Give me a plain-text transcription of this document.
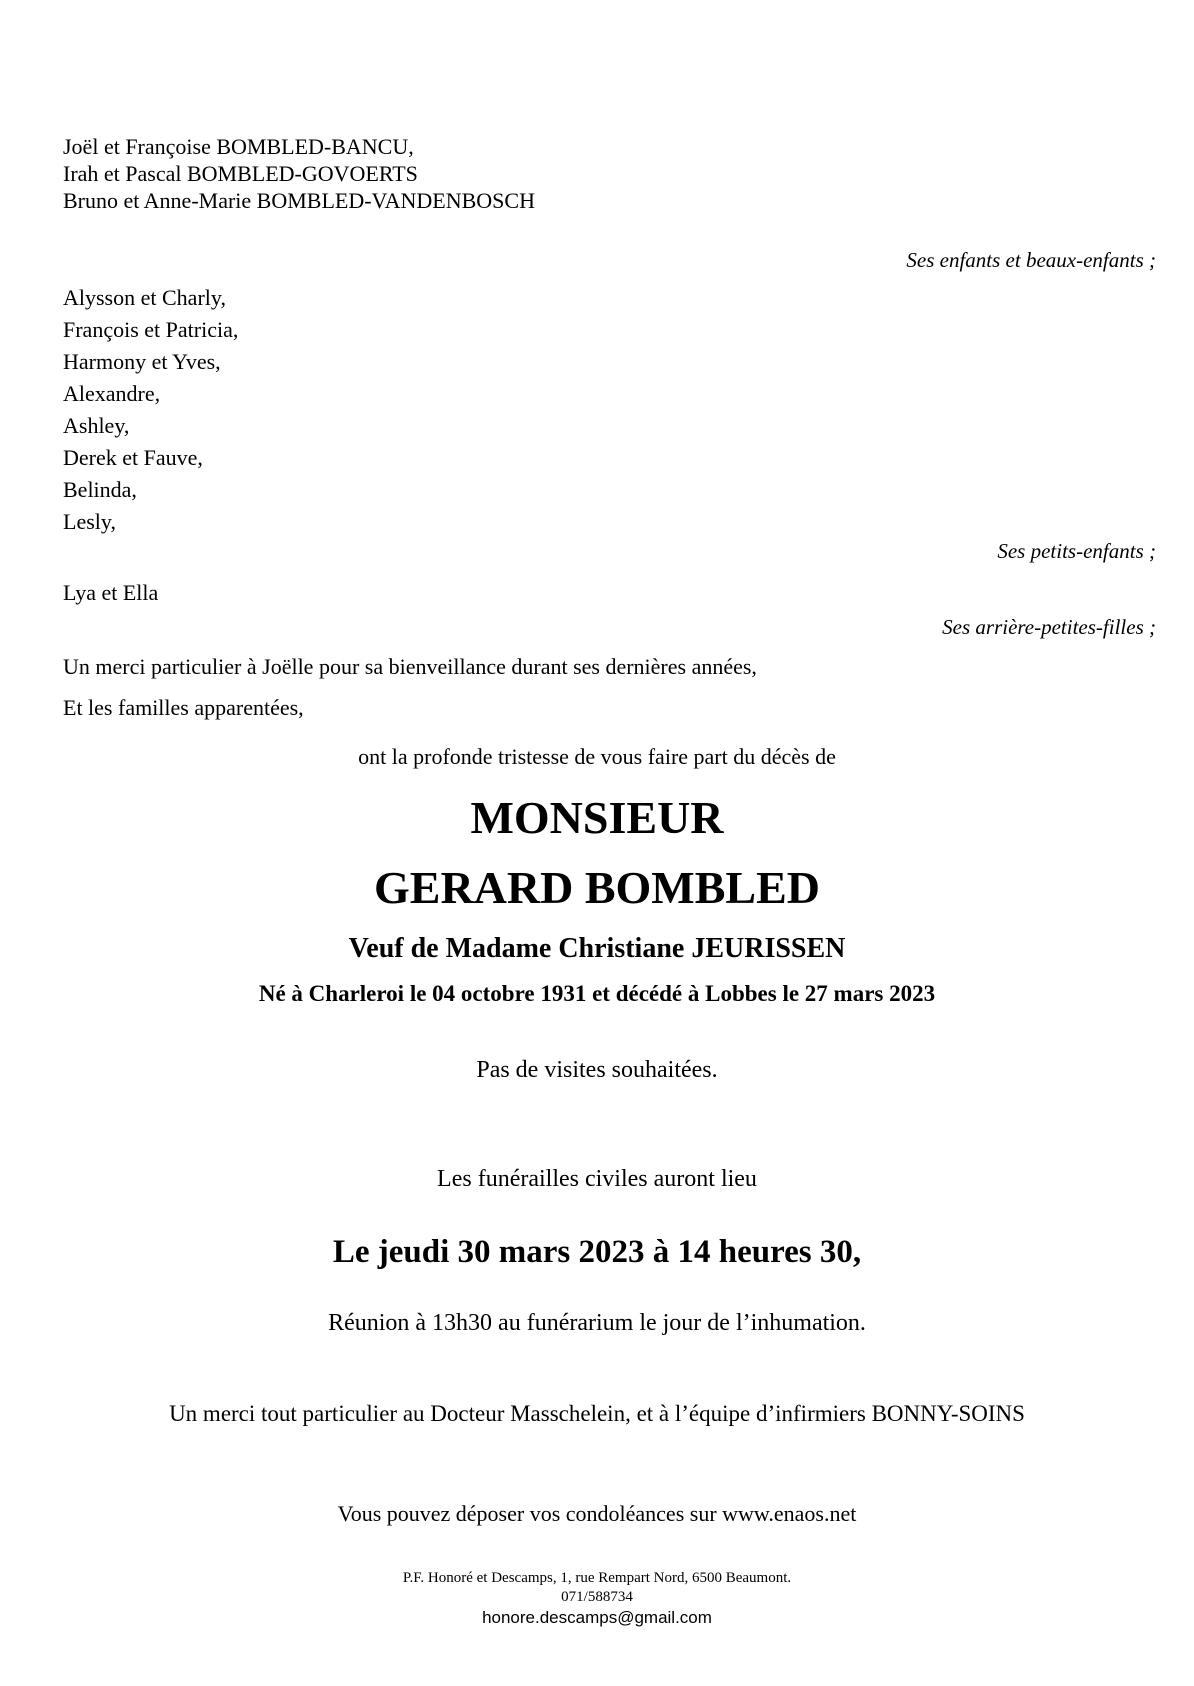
Joël et Françoise BOMBLED-BANCU,
Irah et Pascal BOMBLED-GOVOERTS
Bruno et Anne-Marie BOMBLED-VANDENBOSCH
Ses enfants et beaux-enfants ;
Alysson et Charly,
François et Patricia,
Harmony et Yves,
Alexandre,
Ashley,
Derek et Fauve,
Belinda,
Lesly,
Ses petits-enfants ;
Lya et Ella
Ses arrière-petites-filles ;
Un merci particulier à Joëlle pour sa bienveillance durant ses dernières années,
Et les familles apparentées,
ont la profonde tristesse de vous faire part du décès de
MONSIEUR
GERARD BOMBLED
Veuf de Madame Christiane JEURISSEN
Né à Charleroi le 04 octobre 1931 et décédé à Lobbes le 27 mars 2023
Pas de visites souhaitées.
Les funérailles civiles auront lieu
Le jeudi 30 mars 2023 à 14 heures 30,
Réunion à 13h30 au funérarium le jour de l’inhumation.
Un merci tout particulier au Docteur Masschelein, et à l’équipe d’infirmiers BONNY-SOINS
Vous pouvez déposer vos condoléances sur www.enaos.net
P.F. Honoré et Descamps, 1, rue Rempart Nord, 6500 Beaumont.
071/588734
honore.descamps@gmail.com
